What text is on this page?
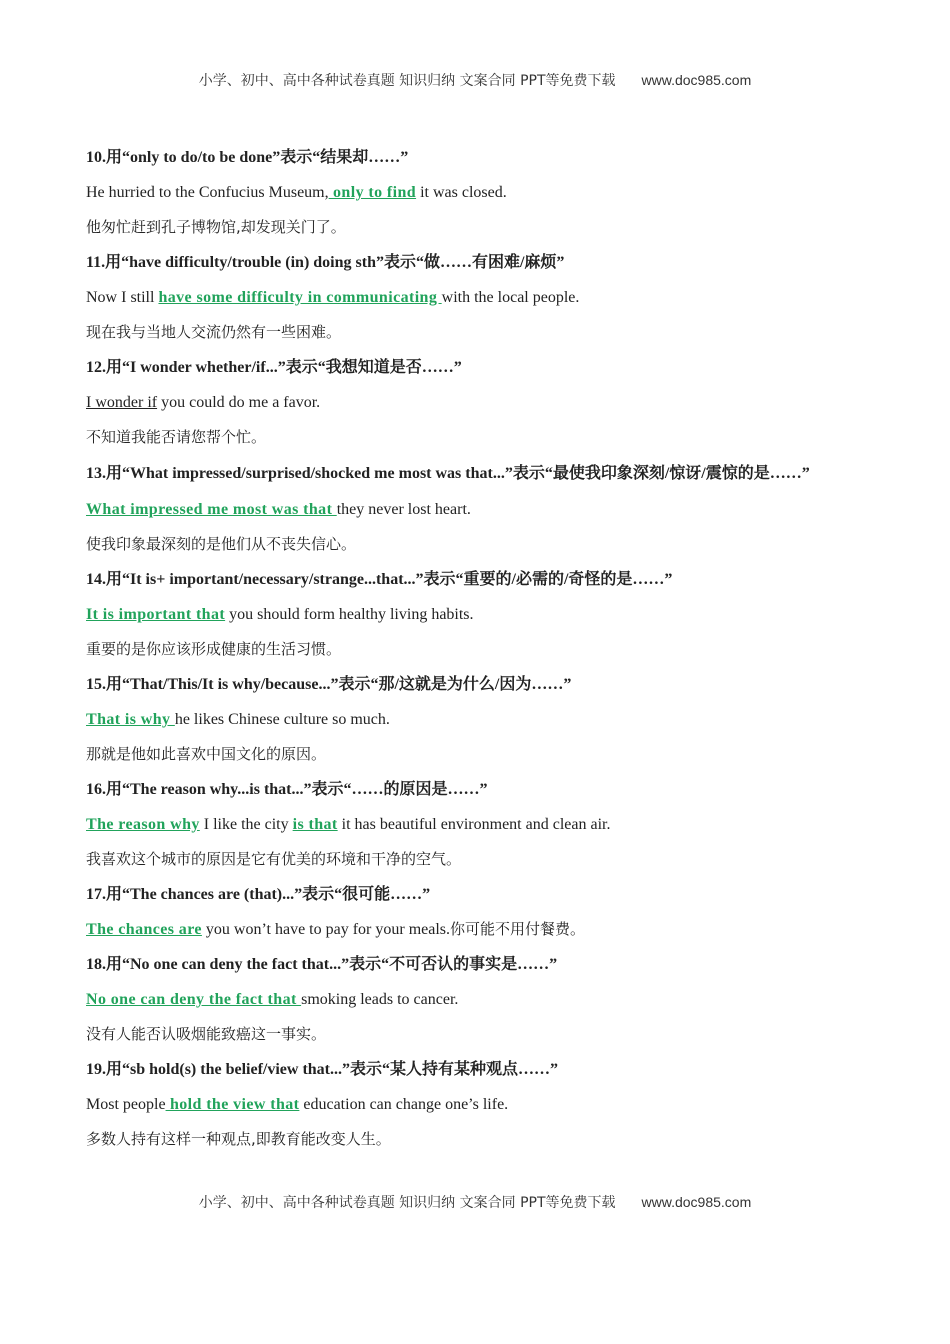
小学、初中、高中各种试卷真题 知识归纳 文案合同 PPT等免费下载 www.doc985.com

10.用“only to do/to be done”表示“结果却……”

He hurried to the Confucius Museum, only to find it was closed.

他匆忙赶到孔子博物馆,却发现关门了。

11.用“have difficulty/trouble (in) doing sth”表示“做……有困难/麻烦”

Now I still have some difficulty in communicating with the local people.

现在我与当地人交流仍然有一些困难。

12.用“I wonder whether/if...”表示“我想知道是否……”

I wonder if you could do me a favor.

不知道我能否请您帮个忙。

13.用“What impressed/surprised/shocked me most was that...”表示“最使我印象深刻/惊讶/震惊的是……”

What impressed me most was that they never lost heart.

使我印象最深刻的是他们从不丧失信心。

14.用“It is+ important/necessary/strange...that...”表示“重要的/必需的/奇怪的是……”

It is important that you should form healthy living habits.

重要的是你应该形成健康的生活习惯。

15.用“That/This/It is why/because...”表示“那/这就是为什么/因为……”

That is why he likes Chinese culture so much.

那就是他如此喜欢中国文化的原因。

16.用“The reason why...is that...”表示“……的原因是……”

The reason why I like the city is that it has beautiful environment and clean air.

我喜欢这个城市的原因是它有优美的环境和干净的空气。

17.用“The chances are (that)...”表示“很可能……”

The chances are you won’t have to pay for your meals.你可能不用付餐费。

18.用“No one can deny the fact that...”表示“不可否认的事实是……”

No one can deny the fact that smoking leads to cancer.

没有人能否认吸烟能致癌这一事实。

19.用“sb hold(s) the belief/view that...”表示“某人持有某种观点……”

Most people hold the view that education can change one’s life.

多数人持有这样一种观点,即教育能改变人生。

小学、初中、高中各种试卷真题 知识归纳 文案合同 PPT等免费下载 www.doc985.com
